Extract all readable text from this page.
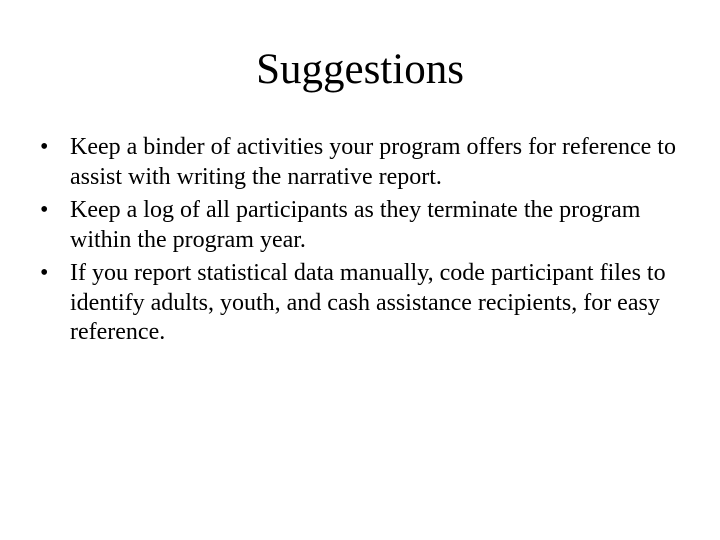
Suggestions
• Keep a binder of activities your program offers for reference to assist with writing the narrative report.
• Keep a log of all participants as they terminate the program within the program year.
• If you report statistical data manually, code participant files to identify adults, youth, and cash assistance recipients, for easy reference.
